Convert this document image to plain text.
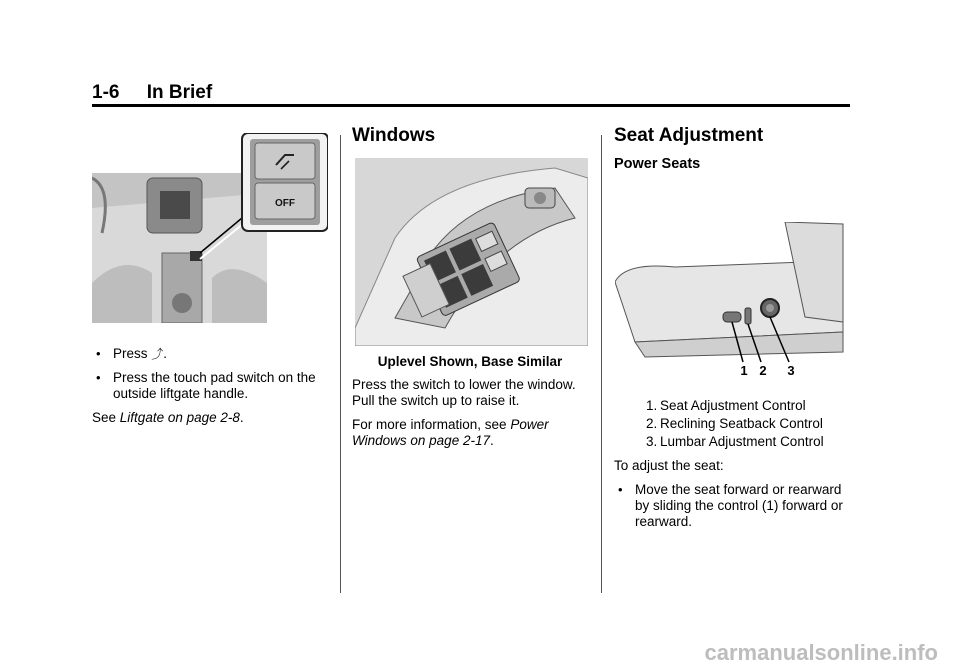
1-6 In Brief
OFF
• Press ⤴.
• Press the touch pad switch on the outside liftgate handle.

See Liftgate on page 2-8.

Windows

Uplevel Shown, Base Similar

Press the switch to lower the window. Pull the switch up to raise it.

For more information, see Power Windows on page 2-17.

Seat Adjustment
Power Seats
1 2 3
1. Seat Adjustment Control
2. Reclining Seatback Control
3. Lumbar Adjustment Control

To adjust the seat:

• Move the seat forward or rearward by sliding the control (1) forward or rearward.
carmanualsonline.info
